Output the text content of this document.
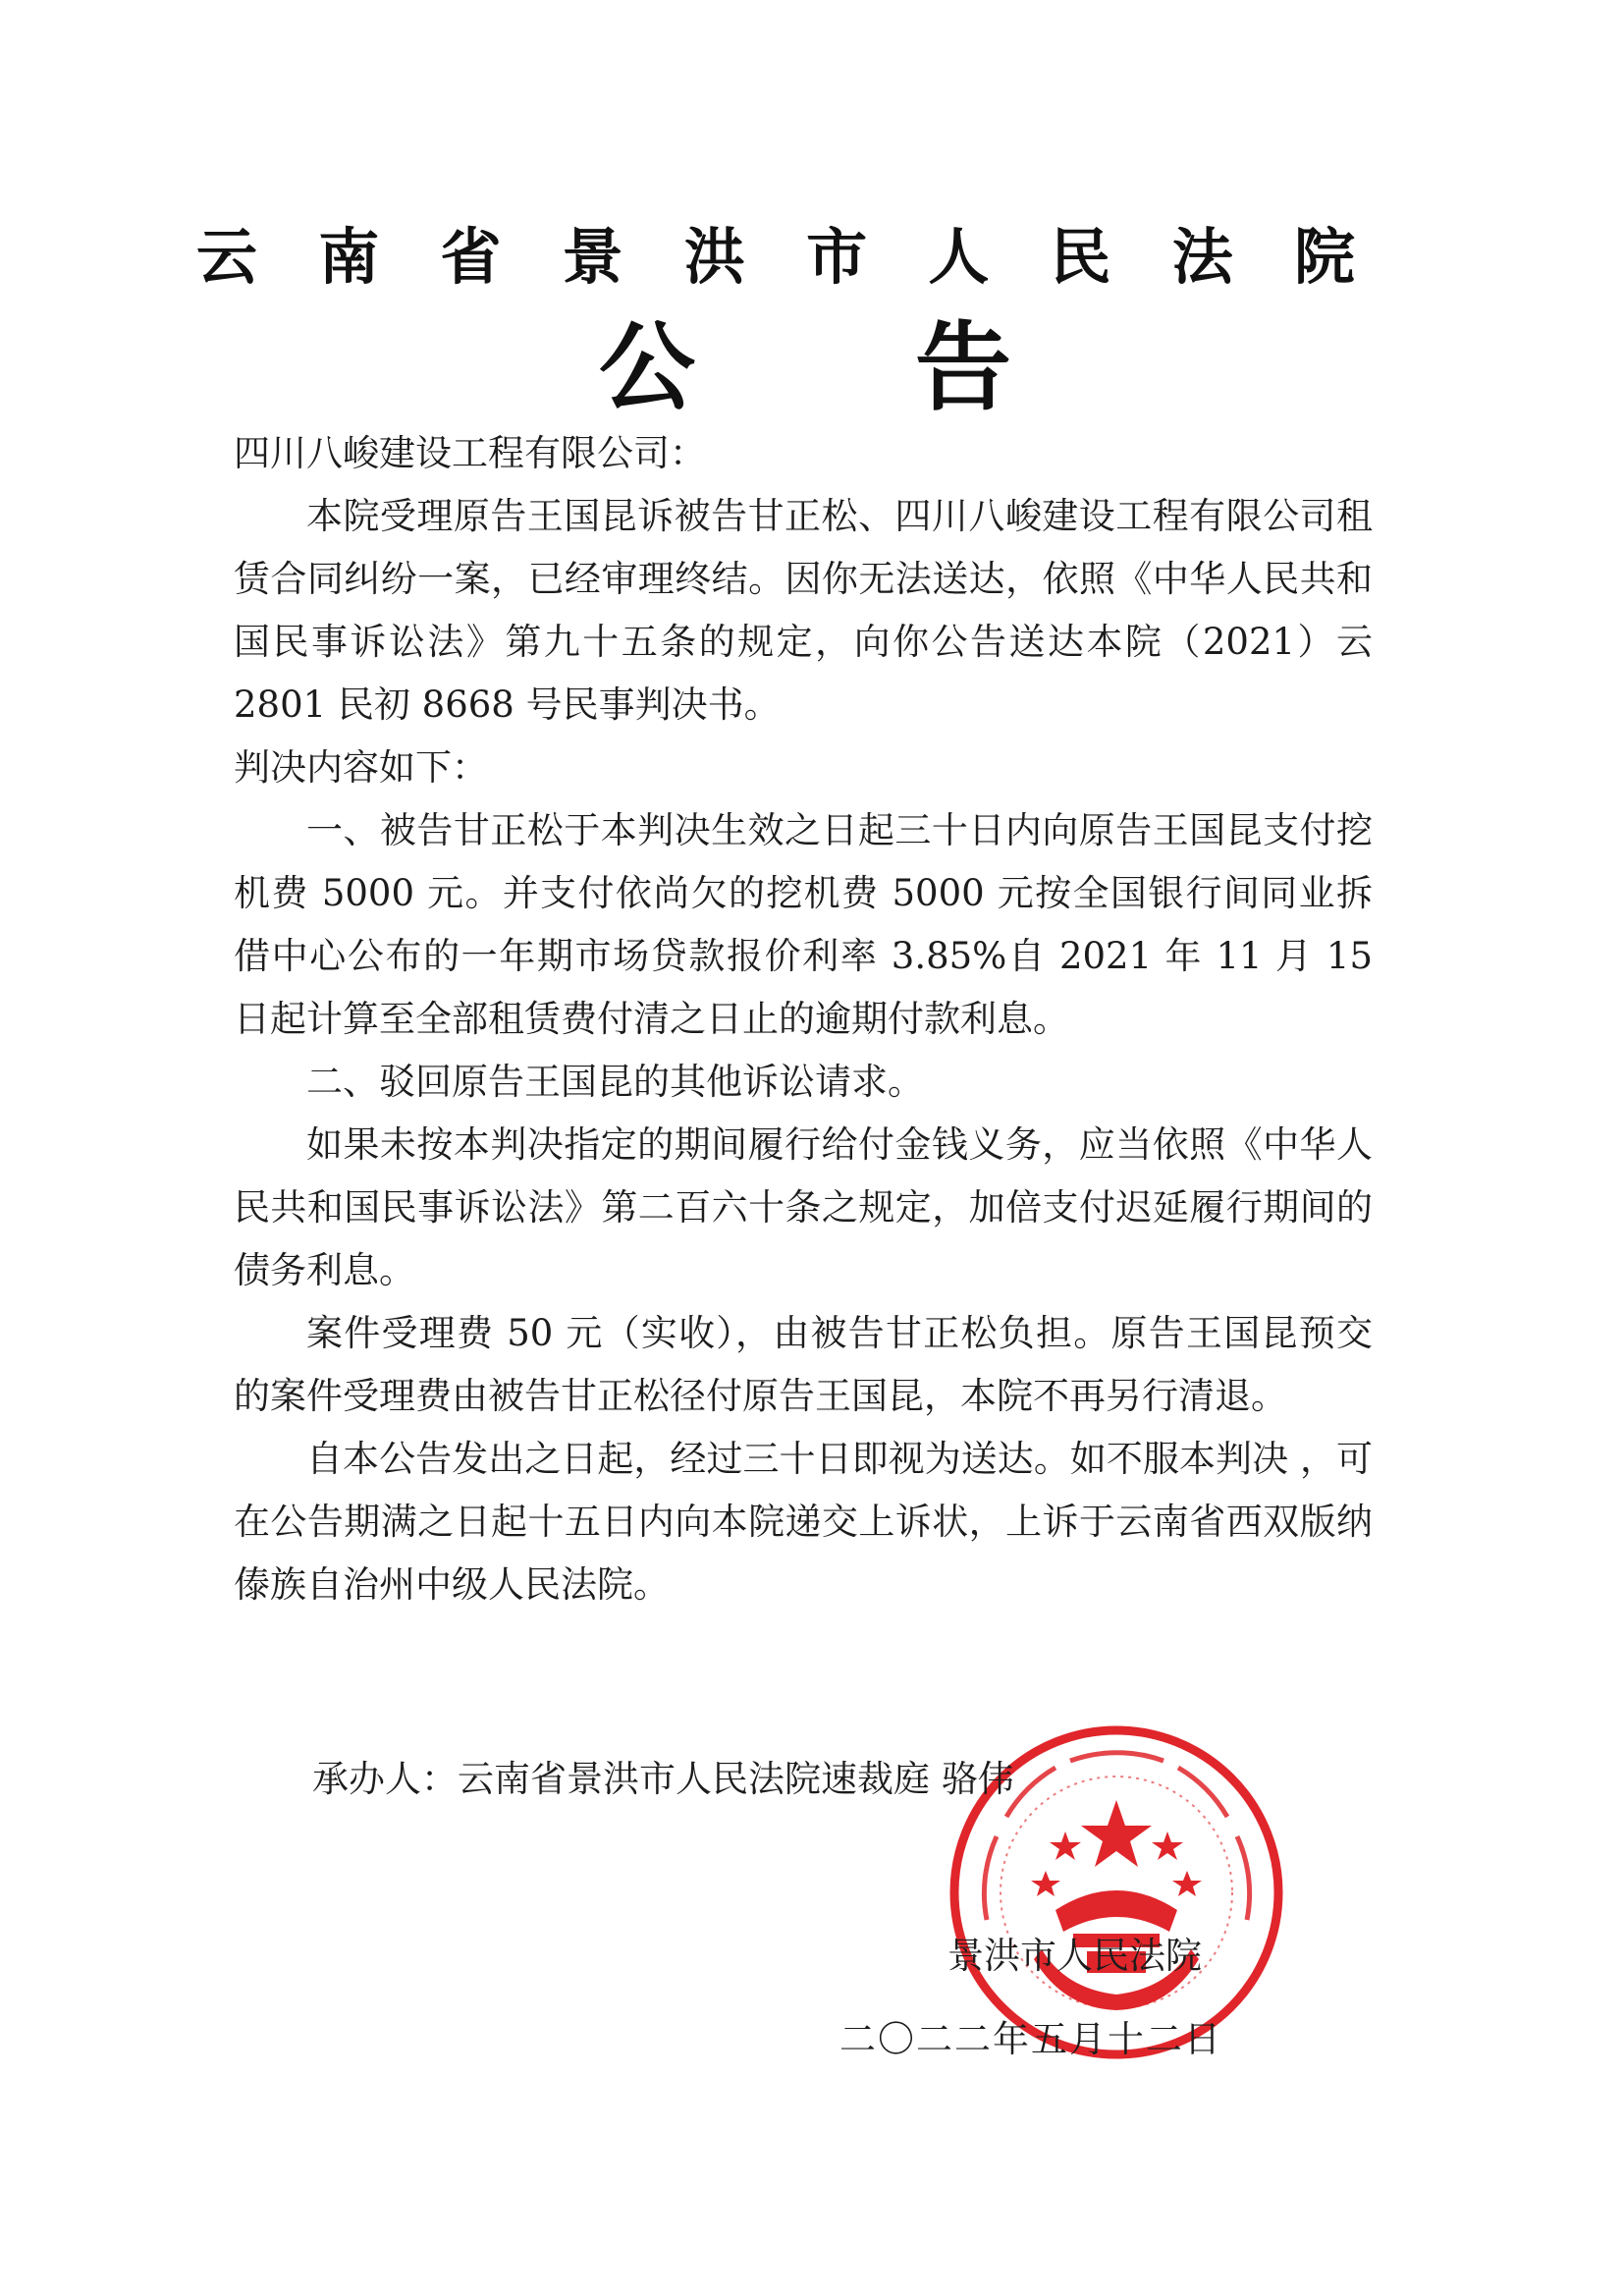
云 南 省 景 洪 市 人 民 法 院
公 告
四川八峻建设工程有限公司：
本院受理原告王国昆诉被告甘正松、四川八峻建设工程有限公司租赁合同纠纷一案，已经审理终结。因你无法送达，依照《中华人民共和国民事诉讼法》第九十五条的规定，向你公告送达本院（2021）云 2801 民初 8668 号民事判决书。
判决内容如下：
一、被告甘正松于本判决生效之日起三十日内向原告王国昆支付挖机费 5000 元。并支付依尚欠的挖机费 5000 元按全国银行间同业拆借中心公布的一年期市场贷款报价利率 3.85%自 2021 年 11 月 15 日起计算至全部租赁费付清之日止的逾期付款利息。
二、驳回原告王国昆的其他诉讼请求。
如果未按本判决指定的期间履行给付金钱义务，应当依照《中华人民共和国民事诉讼法》第二百六十条之规定，加倍支付迟延履行期间的债务利息。
案件受理费 50 元（实收），由被告甘正松负担。原告王国昆预交的案件受理费由被告甘正松径付原告王国昆，本院不再另行清退。
自本公告发出之日起，经过三十日即视为送达。如不服本判决 ，可在公告期满之日起十五日内向本院递交上诉状，上诉于云南省西双版纳傣族自治州中级人民法院。
承办人：云南省景洪市人民法院速裁庭 骆伟
景洪市人民法院
二〇二二年五月十二日
